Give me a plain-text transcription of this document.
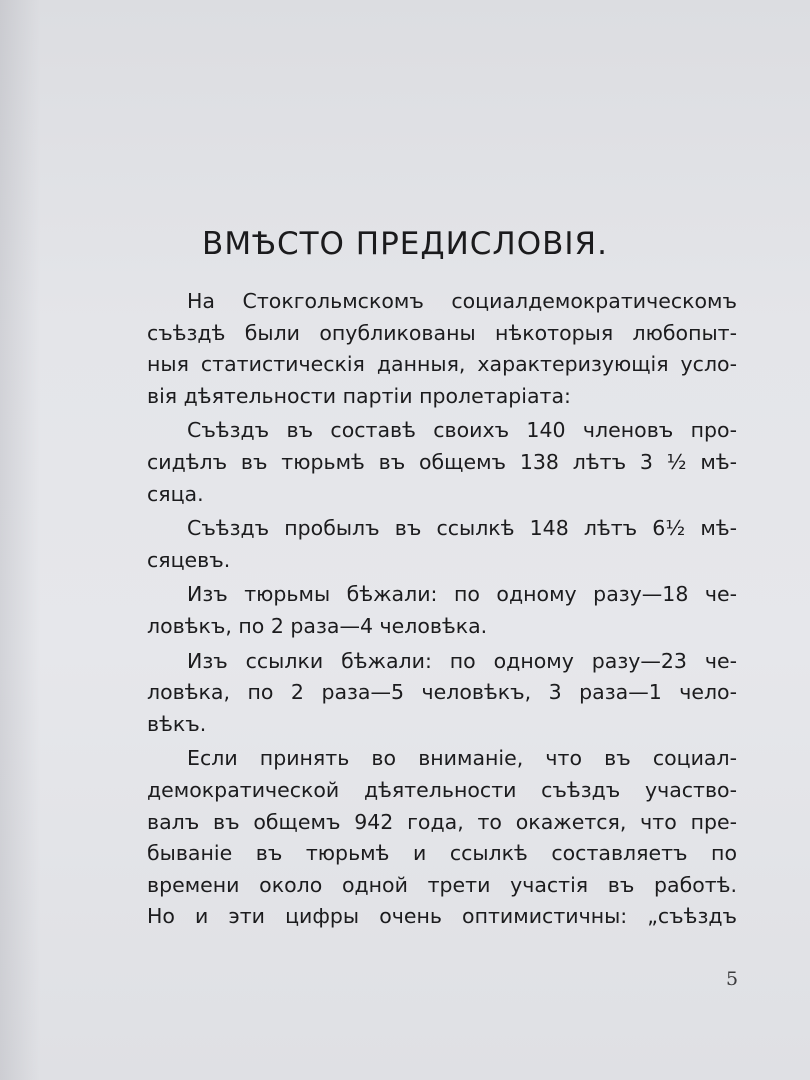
ВМѢСТО ПРЕДИСЛОВІЯ.
На Стокгольмскомъ социалдемократическомъ
съѣздѣ были опубликованы нѣкоторыя любопыт-
ныя статистическія данныя, характеризующія усло-
вія дѣятельности партіи пролетаріата:
Съѣздъ въ составѣ своихъ 140 членовъ про-
сидѣлъ въ тюрьмѣ въ общемъ 138 лѣтъ 3 ½ мѣ-
сяца.
Съѣздъ пробылъ въ ссылкѣ 148 лѣтъ 6½ мѣ-
сяцевъ.
Изъ тюрьмы бѣжали: по одному разу—18 че-
ловѣкъ, по 2 раза—4 человѣка.
Изъ ссылки бѣжали: по одному разу—23 че-
ловѣка, по 2 раза—5 человѣкъ, 3 раза—1 чело-
вѣкъ.
Если принять во вниманіе, что въ социал-
демократической дѣятельности съѣздъ участво-
валъ въ общемъ 942 года, то окажется, что пре-
быванiе въ тюрьмѣ и ссылкѣ составляетъ по
времени около одной трети участія въ работѣ.
Но и эти цифры очень оптимистичны: „съѣздъ
5
